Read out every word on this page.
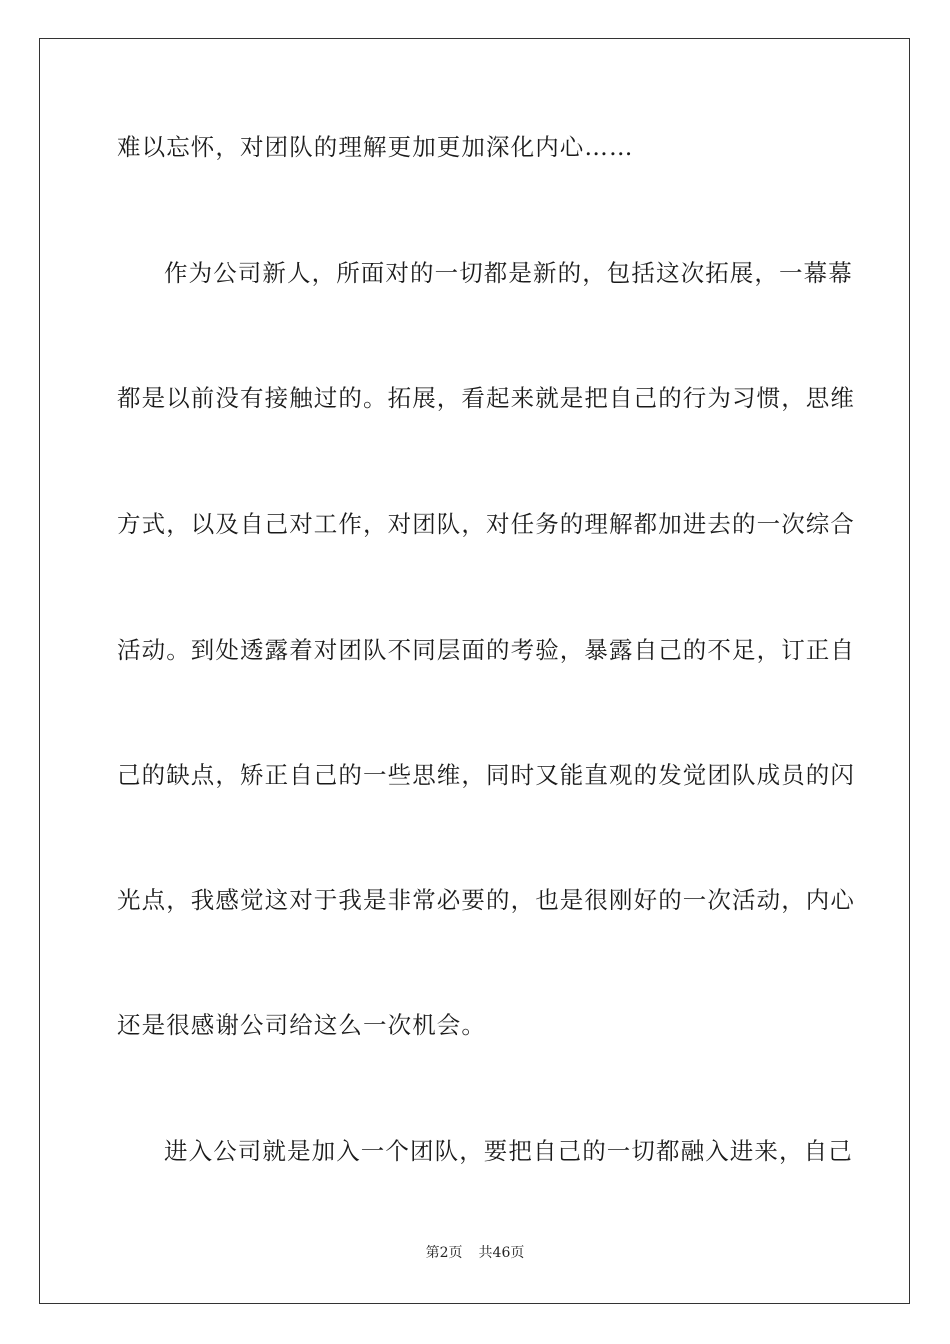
难以忘怀，对团队的理解更加更加深化内心……
作为公司新人，所面对的一切都是新的，包括这次拓展，一幕幕
都是以前没有接触过的。拓展，看起来就是把自己的行为习惯，思维
方式，以及自己对工作，对团队，对任务的理解都加进去的一次综合
活动。到处透露着对团队不同层面的考验，暴露自己的不足，订正自
己的缺点，矫正自己的一些思维，同时又能直观的发觉团队成员的闪
光点，我感觉这对于我是非常必要的，也是很刚好的一次活动，内心
还是很感谢公司给这么一次机会。
进入公司就是加入一个团队，要把自己的一切都融入进来，自己
第2页 共46页
